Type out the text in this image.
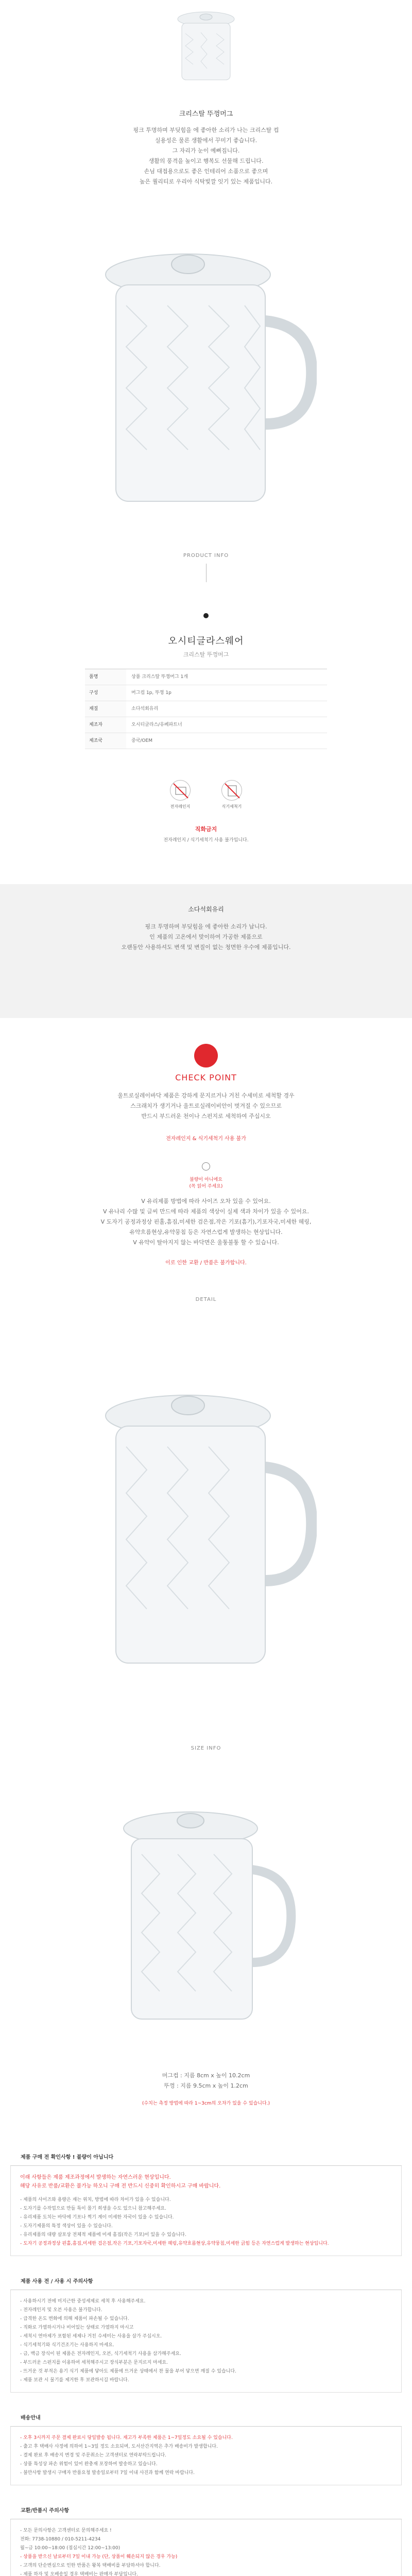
크리스탈 뚜껑머그
핑크 투명하며 부딪힘을 에 좋아한 소리가 나는 크리스탈 컵
실용성은 물론 생활에서 꾸미기 좋습니다.
그 자리가 눈이 예뻐집니다.
생활의 풍격을 높이고 행복도 선물해 드립니다.
손님 대접용으로도 좋은 인테리어 소품으로 좋으며
높은 퀄리티로 우리아 식탁빛깔 잇기 있는 제품입니다.
PRODUCT INFO
오시티글라스웨어
크리스탈 뚜껑머그
품명	상품 크리스탈 뚜껑머그 1개
구성	머그컵 1p, 뚜껑 1p
재질	소다석회유리
제조자	오시티글라스/유페파트너
제조국	중국/OEM
전자레인지	식기세척기
직화금지
전자레인지 / 식기세척기 사용 불가입니다.
소다석회유리
핑크 투명하며 부딪힘을 에 좋아한 소리가 납니다.
인 제품의 고온에서 맞이하여 가공한 제품으로
오랜동안 사용하셔도 변색 및 변질이 없는 청면한 우수에 제품입니다.
CHECK POINT
울트로실레이바닥 제품은 강하게 문지르거나 거친 수세미로 세척할 경우
스크래치가 생기거나 울트로실레이비안이 벗겨질 수 있으므로
반드시 부드러운 천이나 스펀지로 세척하여 주십시오
전자레인지 & 식기세척기 사용 불가
불량이 아니에요
(꼭 읽어 주세요)
V 유리제품 방법에 따라 사이즈 오차 있을 수 있어요.
V 유나리 수많 및 글씨 만드에 따라 제품의 색상이 실제 색과 차이가 있을 수 있어요.
V 도자기 공정과정상 핀홀,흠짐,미세한 검은점,작은 기포(흠기),기포자국,미세한 헤링,
유약흐름현상,유약뭉침 등은 자연스럽게 발생하는 현상입니다.
V 유약이 탈아지지 않는 바닥면은 울퉁불퉁 할 수 있습니다.
이로 인한 교환 / 반품은 불가합니다.
DETAIL
SIZE INFO
머그컵 : 지름 8cm x 높이 10.2cm
뚜껑 : 지름 9.5cm x 높이 1.2cm
(수치는 측정 방법에 따라 1~3cm의 오차가 있을 수 있습니다.)
제품 구매 전 확인사항 ! 불량이 아닙니다
이래 사항들은 제품 제조과정에서 발생하는 자연스러운 현상입니다.
해당 사유로 반품/교환은 불가능 하오니 구매 전 반드시 신중히 확인하시고 구매 바랍니다.
- 제품의 사이즈와 용량은 재는 위치, 방법에 따라 차이가 있을 수 있습니다.
- 도자기를 수작업으로 만들 특이 몰기 희생을 수도 있으니 참고해주세요.
- 유리제품 도치는 바닥에 기포나 찍기 계이 미세한 자국이 있을 수 있습니다.
- 도자기제품의 특정 색상이 있을 수 있습니다.
- 유리제품의 대량 살포상 전체적 제품에 미세 흠집(작은 기포)이 있을 수 있습니다.
- 도자기 공정과정상 핀홀,흠짐,미세한 검은점,작은 기포,기포자국,미세한 헤링,유약흐름현상,유약뭉침,미세한 긁힘 등은 자연스럽게 발생하는 현상입니다.
제품 사용 전 / 사용 시 주의사항
- 사용하시기 전에 미지근한 중성세제로 세척 후 사용해주세요.
- 전자레인지 및 오븐 사용은 불가합니다.
- 급격한 온도 변화에 의해 제품이 파손될 수 있습니다.
- 직화로 가열하시거나 비어있는 상태로 가열하지 마시고
- 세척시 연마제가 포함된 세제나 거친 수세미는 사용을 삼가 주십시오.
- 식기세척기와 식기건조기는 사용하지 마세요.
- 금, 백금 장식이 된 제품은 전자레인지, 오븐, 식기세척기 사용을 삼가해주세요.
- 부드러운 스펀지를 이용하여 세척해주시고 장식부분은 문지르지 마세요.
- 뜨거운 것 부적은 용기 식기 제품에 닿아도 제품에 뜨거운 상태에서 찬 물을 부어 닿으면 깨질 수 있습니다.
- 제품 보관 시 물기를 제거한 후 보관하시길 바랍니다.
배송안내
- 오후 3시까지 주문 결제 완료시 당일발송 됩니다. 재고가 부족한 제품은 1~7일정도 소요될 수 있습니다.
- 출고 후 택배사 사정에 의하여 1~3일 정도 소요되며, 도서산간지역은 추가 배송비가 발생합니다.
- 결제 완료 후 배송지 변경 및 주문취소는 고객센터로 연락부탁드립니다.
- 상품 특성상 파손 위험이 있어 완충재 포장하여 발송하고 있습니다.
- 불만사항 발생시 구매자 반품요청 발송일로부터 7일 이내 사진과 함께 연락 바랍니다.
교환/반품시 주의사항
- 모든 문의사항은 고객센터로 문의해주세요 !
전화: 7738-10880 / 010-5211-4234
월~금 10:00~18:00 (점심시간 12:00~13:00)
- 상품을 받으신 날로부터 7일 이내 가능 (단, 상품이 훼손되지 않은 경우 가능)
- 고객의 단순변심으로 인한 반품은 왕복 택배비를 부담하셔야 합니다.
- 제품 하자 및 오배송일 경우 택배비는 판매자 부담입니다.
